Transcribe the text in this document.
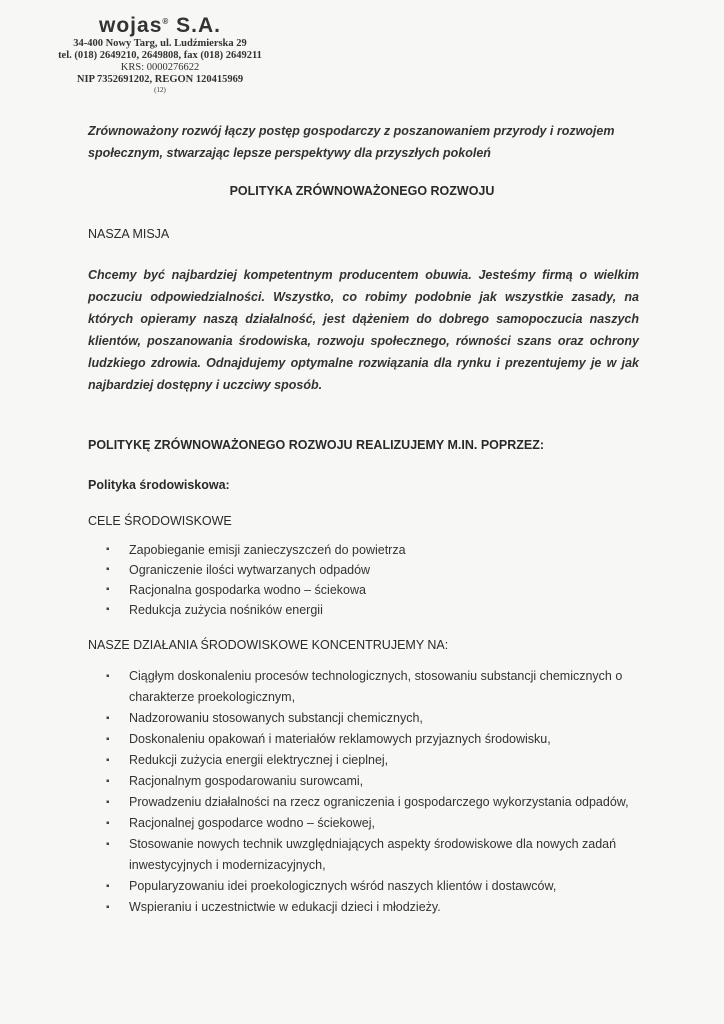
wojas® S.A.
34-400 Nowy Targ, ul. Ludźmierska 29
tel. (018) 2649210, 2649808, fax (018) 2649211
KRS: 0000276622
NIP 7352691202, REGON 120415969
(12)
Zrównoważony rozwój łączy postęp gospodarczy z poszanowaniem przyrody i rozwojem społecznym, stwarzając lepsze perspektywy dla przyszłych pokoleń
POLITYKA ZRÓWNOWAŻONEGO ROZWOJU
NASZA MISJA
Chcemy być najbardziej kompetentnym producentem obuwia. Jesteśmy firmą o wielkim poczuciu odpowiedzialności. Wszystko, co robimy podobnie jak wszystkie zasady, na których opieramy naszą działalność, jest dążeniem do dobrego samopoczucia naszych klientów, poszanowania środowiska, rozwoju społecznego, równości szans oraz ochrony ludzkiego zdrowia. Odnajdujemy optymalne rozwiązania dla rynku i prezentujemy je w jak najbardziej dostępny i uczciwy sposób.
POLITYKĘ ZRÓWNOWAŻONEGO ROZWOJU REALIZUJEMY M.IN. POPRZEZ:
Polityka środowiskowa:
CELE ŚRODOWISKOWE
▪ Zapobieganie emisji zanieczyszczeń do powietrza
▪ Ograniczenie ilości wytwarzanych odpadów
▪ Racjonalna gospodarka wodno – ściekowa
▪ Redukcja zużycia nośników energii
NASZE DZIAŁANIA ŚRODOWISKOWE KONCENTRUJEMY NA:
▪ Ciągłym doskonaleniu procesów technologicznych, stosowaniu substancji chemicznych o charakterze proekologicznym,
▪ Nadzorowaniu stosowanych substancji chemicznych,
▪ Doskonaleniu opakowań i materiałów reklamowych przyjaznych środowisku,
▪ Redukcji zużycia energii elektrycznej i cieplnej,
▪ Racjonalnym gospodarowaniu surowcami,
▪ Prowadzeniu działalności na rzecz ograniczenia i gospodarczego wykorzystania odpadów,
▪ Racjonalnej gospodarce wodno – ściekowej,
▪ Stosowanie nowych technik uwzględniających aspekty środowiskowe dla nowych zadań inwestycyjnych i modernizacyjnych,
▪ Popularyzowaniu idei proekologicznych wśród naszych klientów i dostawców,
▪ Wspieraniu i uczestnictwie w edukacji dzieci i młodzieży.
